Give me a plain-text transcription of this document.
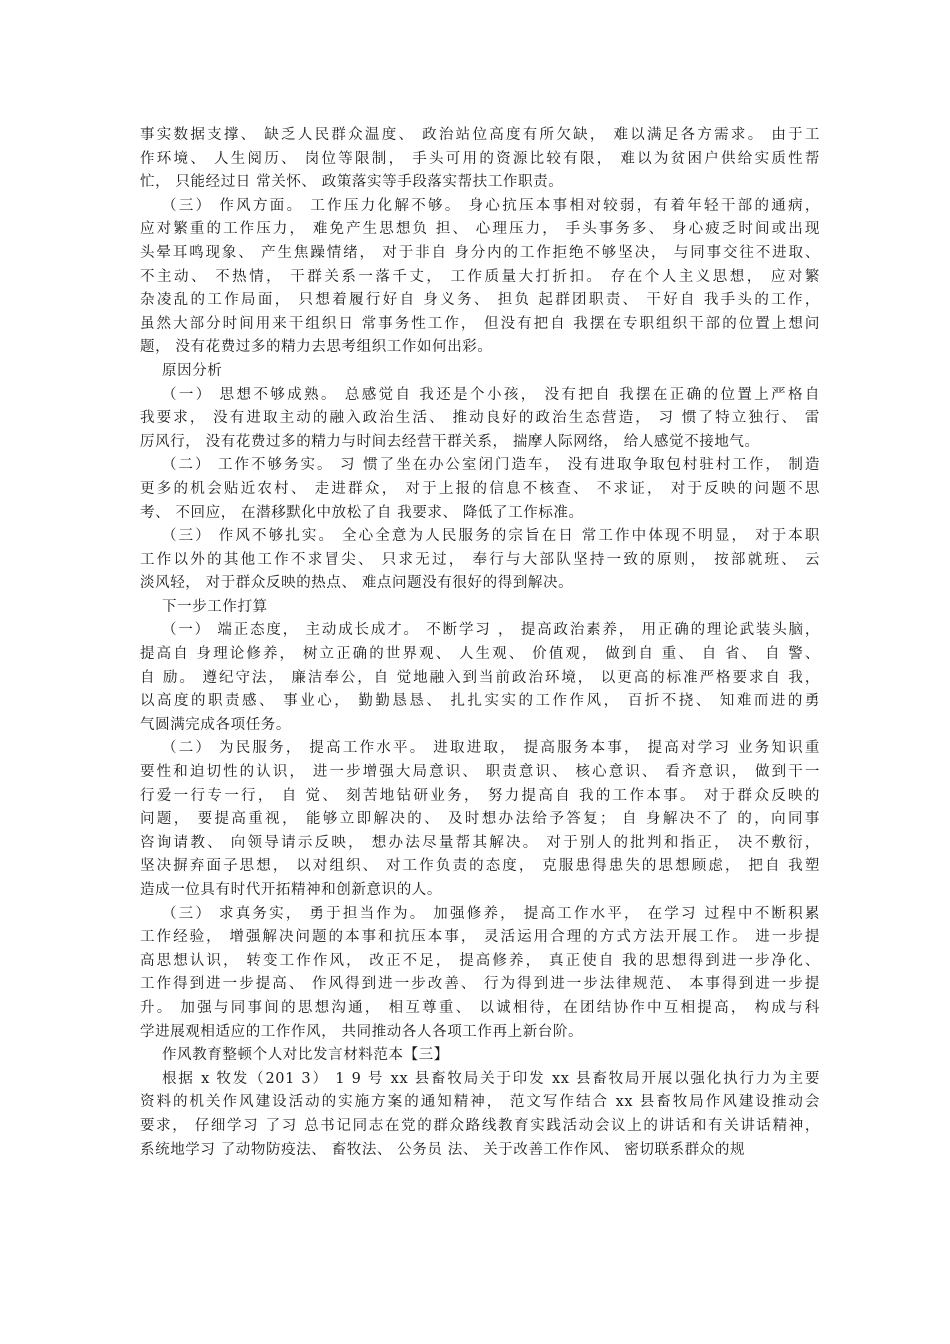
事实数据支撑、 缺乏人民群众温度、 政治站位高度有所欠缺， 难以满足各方需求。 由于工
作环境、 人生阅历、 岗位等限制， 手头可用的资源比较有限， 难以为贫困户供给实质性帮
忙， 只能经过日 常关怀、 政策落实等手段落实帮扶工作职责。
（三） 作风方面。 工作压力化解不够。 身心抗压本事相对较弱，有着年轻干部的通病，
应对繁重的工作压力， 难免产生思想负 担、 心理压力， 手头事务多、 身心疲乏时间或出现
头晕耳鸣现象、 产生焦躁情绪， 对于非自 身分内的工作拒绝不够坚决， 与同事交往不进取、
不主动、 不热情， 干群关系一落千丈， 工作质量大打折扣。 存在个人主义思想， 应对繁
杂凌乱的工作局面， 只想着履行好自 身义务、 担负 起群团职责、 干好自 我手头的工作，
虽然大部分时间用来干组织日 常事务性工作， 但没有把自 我摆在专职组织干部的位置上想问
题， 没有花费过多的精力去思考组织工作如何出彩。
原因分析
（一） 思想不够成熟。 总感觉自 我还是个小孩， 没有把自 我摆在正确的位置上严格自
我要求， 没有进取主动的融入政治生活、 推动良好的政治生态营造， 习 惯了特立独行、 雷
厉风行， 没有花费过多的精力与时间去经营干群关系， 揣摩人际网络， 给人感觉不接地气。
（二） 工作不够务实。 习 惯了坐在办公室闭门造车， 没有进取争取包村驻村工作， 制造
更多的机会贴近农村、 走进群众， 对于上报的信息不核查、 不求证， 对于反映的问题不思
考、 不回应， 在潜移默化中放松了自 我要求、 降低了工作标准。
（三） 作风不够扎实。 全心全意为人民服务的宗旨在日 常工作中体现不明显， 对于本职
工作以外的其他工作不求冒尖、 只求无过， 奉行与大部队坚持一致的原则， 按部就班、 云
淡风轻， 对于群众反映的热点、 难点问题没有很好的得到解决。
下一步工作打算
（一） 端正态度， 主动成长成才。 不断学习 ， 提高政治素养， 用正确的理论武装头脑，
提高自 身理论修养， 树立正确的世界观、 人生观、 价值观， 做到自 重、 自 省、 自 警、
自 励。 遵纪守法， 廉洁奉公，自 觉地融入到当前政治环境， 以更高的标准严格要求自 我，
以高度的职责感、 事业心， 勤勤恳恳、 扎扎实实的工作作风， 百折不挠、 知难而进的勇
气圆满完成各项任务。
（二） 为民服务， 提高工作水平。 进取进取， 提高服务本事， 提高对学习 业务知识重
要性和迫切性的认识， 进一步增强大局意识、 职责意识、 核心意识、 看齐意识， 做到干一
行爱一行专一行， 自 觉、 刻苦地钻研业务， 努力提高自 我的工作本事。 对于群众反映的
问题， 要提高重视， 能够立即解决的、 及时想办法给予答复； 自 身解决不了 的，向同事
咨询请教、 向领导请示反映， 想办法尽量帮其解决。 对于别人的批判和指正， 决不敷衍，
坚决摒弃面子思想， 以对组织、 对工作负责的态度， 克服患得患失的思想顾虑， 把自 我塑
造成一位具有时代开拓精神和创新意识的人。
（三） 求真务实， 勇于担当作为。 加强修养， 提高工作水平， 在学习 过程中不断积累
工作经验， 增强解决问题的本事和抗压本事， 灵活运用合理的方式方法开展工作。 进一步提
高思想认识， 转变工作作风， 改正不足， 提高修养， 真正使自 我的思想得到进一步净化、
工作得到进一步提高、 作风得到进一步改善、 行为得到进一步法律规范、 本事得到进一步提
升。 加强与同事间的思想沟通， 相互尊重、 以诚相待，在团结协作中互相提高， 构成与科
学进展观相适应的工作作风， 共同推动各人各项工作再上新台阶。
作风教育整顿个人对比发言材料范本【三】
根据 x 牧发（201 3） 1 9 号 xx 县畜牧局关于印发 xx 县畜牧局开展以强化执行力为主要
资料的机关作风建设活动的实施方案的通知精神， 范文写作结合 xx 县畜牧局作风建设推动会
要求， 仔细学习 了习 总书记同志在党的群众路线教育实践活动会议上的讲话和有关讲话精神，
系统地学习 了动物防疫法、 畜牧法、 公务员 法、 关于改善工作作风、 密切联系群众的规
